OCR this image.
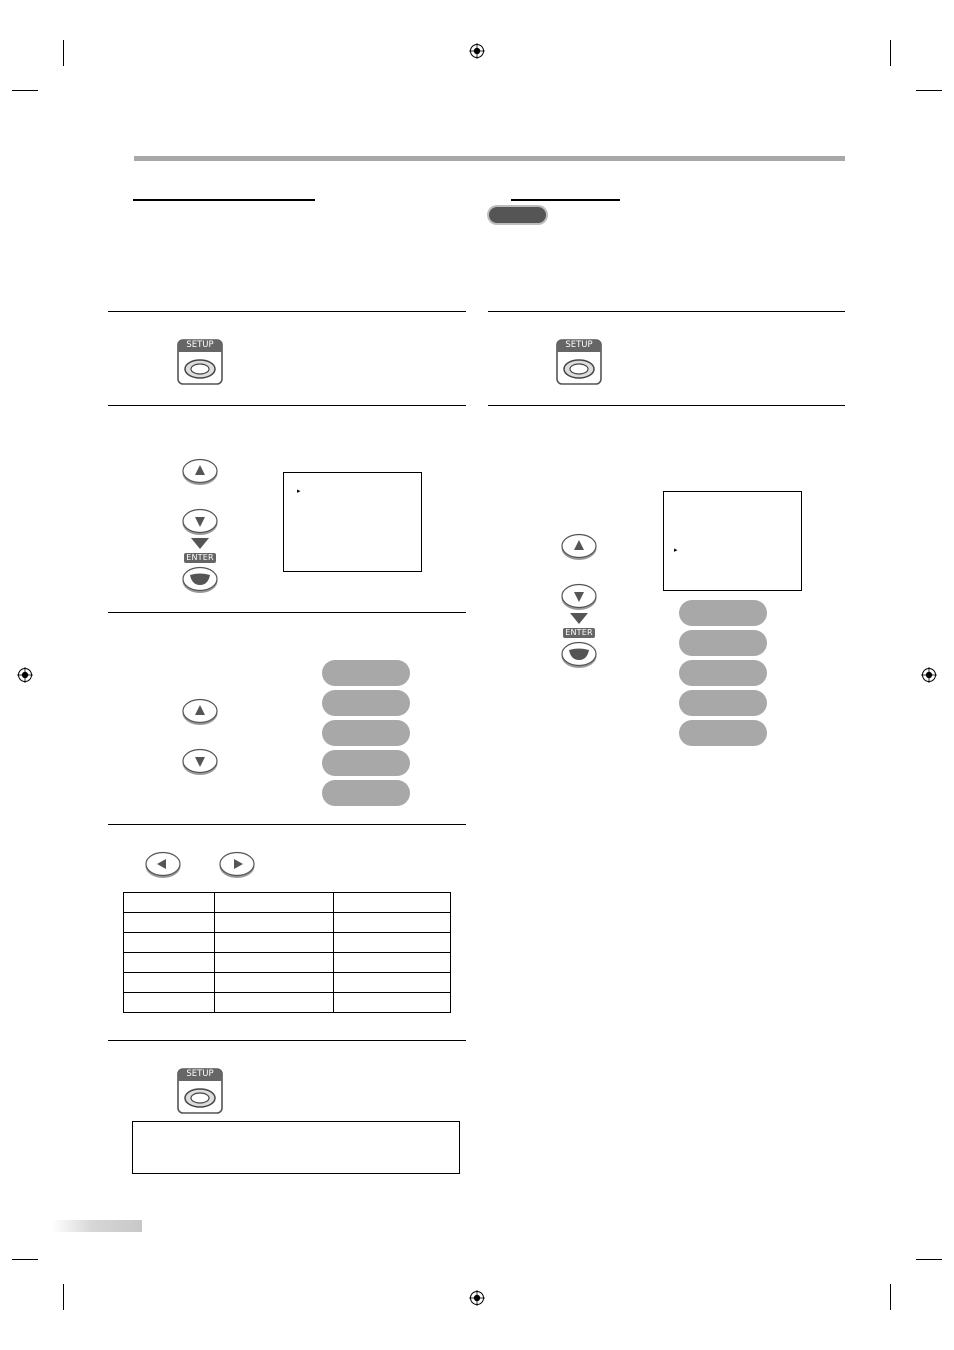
SETUP	SETUP
SETUP
ENTER
▸

▸
ENTER
